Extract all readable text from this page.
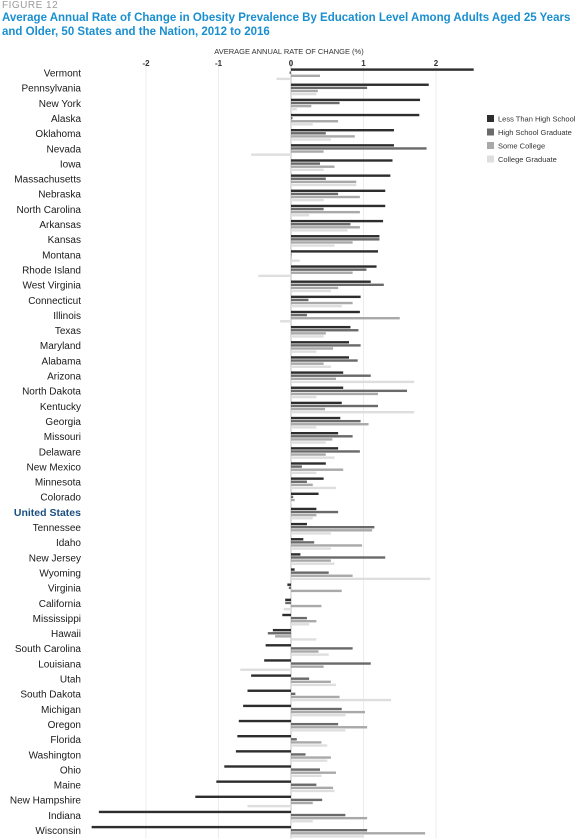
FIGURE 12
Average Annual Rate of Change in Obesity Prevalence By Education Level Among Adults Aged 25 Years and Older, 50 States and the Nation, 2012 to 2016
AVERAGE ANNUAL RATE OF CHANGE (%)
Vermont
Pennsylvania
New York
Alaska
Oklahoma
Nevada
Iowa
Massachusetts
Nebraska
North Carolina
Arkansas
Kansas
Montana
Rhode Island
West Virginia
Connecticut
Illinois
Texas
Maryland
Alabama
Arizona
North Dakota
Kentucky
Georgia
Missouri
Delaware
New Mexico
Minnesota
Colorado
United States
Tennessee
Idaho
New Jersey
Wyoming
Virginia
California
Mississippi
Hawaii
South Carolina
Louisiana
Utah
South Dakota
Michigan
Oregon
Florida
Washington
Ohio
Maine
New Hampshire
Indiana
Wisconsin
-2	-1	0	1	2
Less Than High School
High School Graduate
Some College
College Graduate
